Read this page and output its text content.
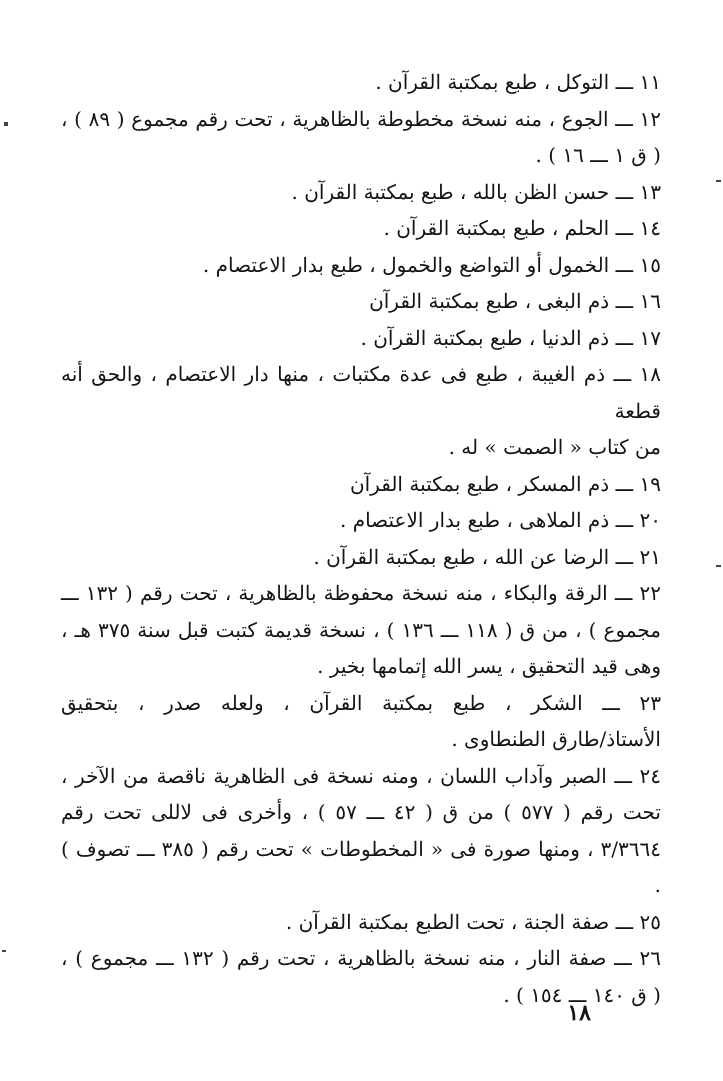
١١ ـــ التوكل ، طبع بمكتبة القرآن .

١٢ ـــ الجوع ، منه نسخة مخطوطة بالظاهرية ، تحت رقم مجموع ( ٨٩ ) ،
( ق ١ ـــ ١٦ ) .

١٣ ـــ حسن الظن بالله ، طبع بمكتبة القرآن .

١٤ ـــ الحلم ، طبع بمكتبة القرآن .

١٥ ـــ الخمول أو التواضع والخمول ، طبع بدار الاعتصام .

١٦ ـــ ذم البغى ، طبع بمكتبة القرآن

١٧ ـــ ذم الدنيا ، طبع بمكتبة القرآن .

١٨ ـــ ذم الغيبة ، طبع فى عدة مكتبات ، منها دار الاعتصام ، والحق أنه قطعة
من كتاب « الصمت » له .

١٩ ـــ ذم المسكر ، طبع بمكتبة القرآن

٢٠ ـــ ذم الملاهى ، طبع بدار الاعتصام .

٢١ ـــ الرضا عن الله ، طبع بمكتبة القرآن .

٢٢ ـــ الرقة والبكاء ، منه نسخة محفوظة بالظاهرية ، تحت رقم ( ١٣٢ ـــ
مجموع ) ، من ق ( ١١٨ ـــ ١٣٦ ) ، نسخة قديمة كتبت قبل سنة ٣٧٥ هـ ،
وهى قيد التحقيق ، يسر الله إتمامها بخير .

٢٣ ـــ الشكر ، طبع بمكتبة القرآن ، ولعله صدر ، بتحقيق
الأستاذ/طارق الطنطاوى .

٢٤ ـــ الصبر وآداب اللسان ، ومنه نسخة فى الظاهرية ناقصة من الآخر ،
تحت رقم ( ٥٧٧ ) من ق ( ٤٢ ـــ ٥٧ ) ، وأخرى فى لاللى تحت رقم
٣/٣٦٦٤ ، ومنها صورة فى « المخطوطات » تحت رقم ( ٣٨٥ ـــ تصوف ) .

٢٥ ـــ صفة الجنة ، تحت الطبع بمكتبة القرآن .

٢٦ ـــ صفة النار ، منه نسخة بالظاهرية ، تحت رقم ( ١٣٢ ـــ مجموع ) ،
( ق ١٤٠ ـــ ١٥٤ ) .

١٨
